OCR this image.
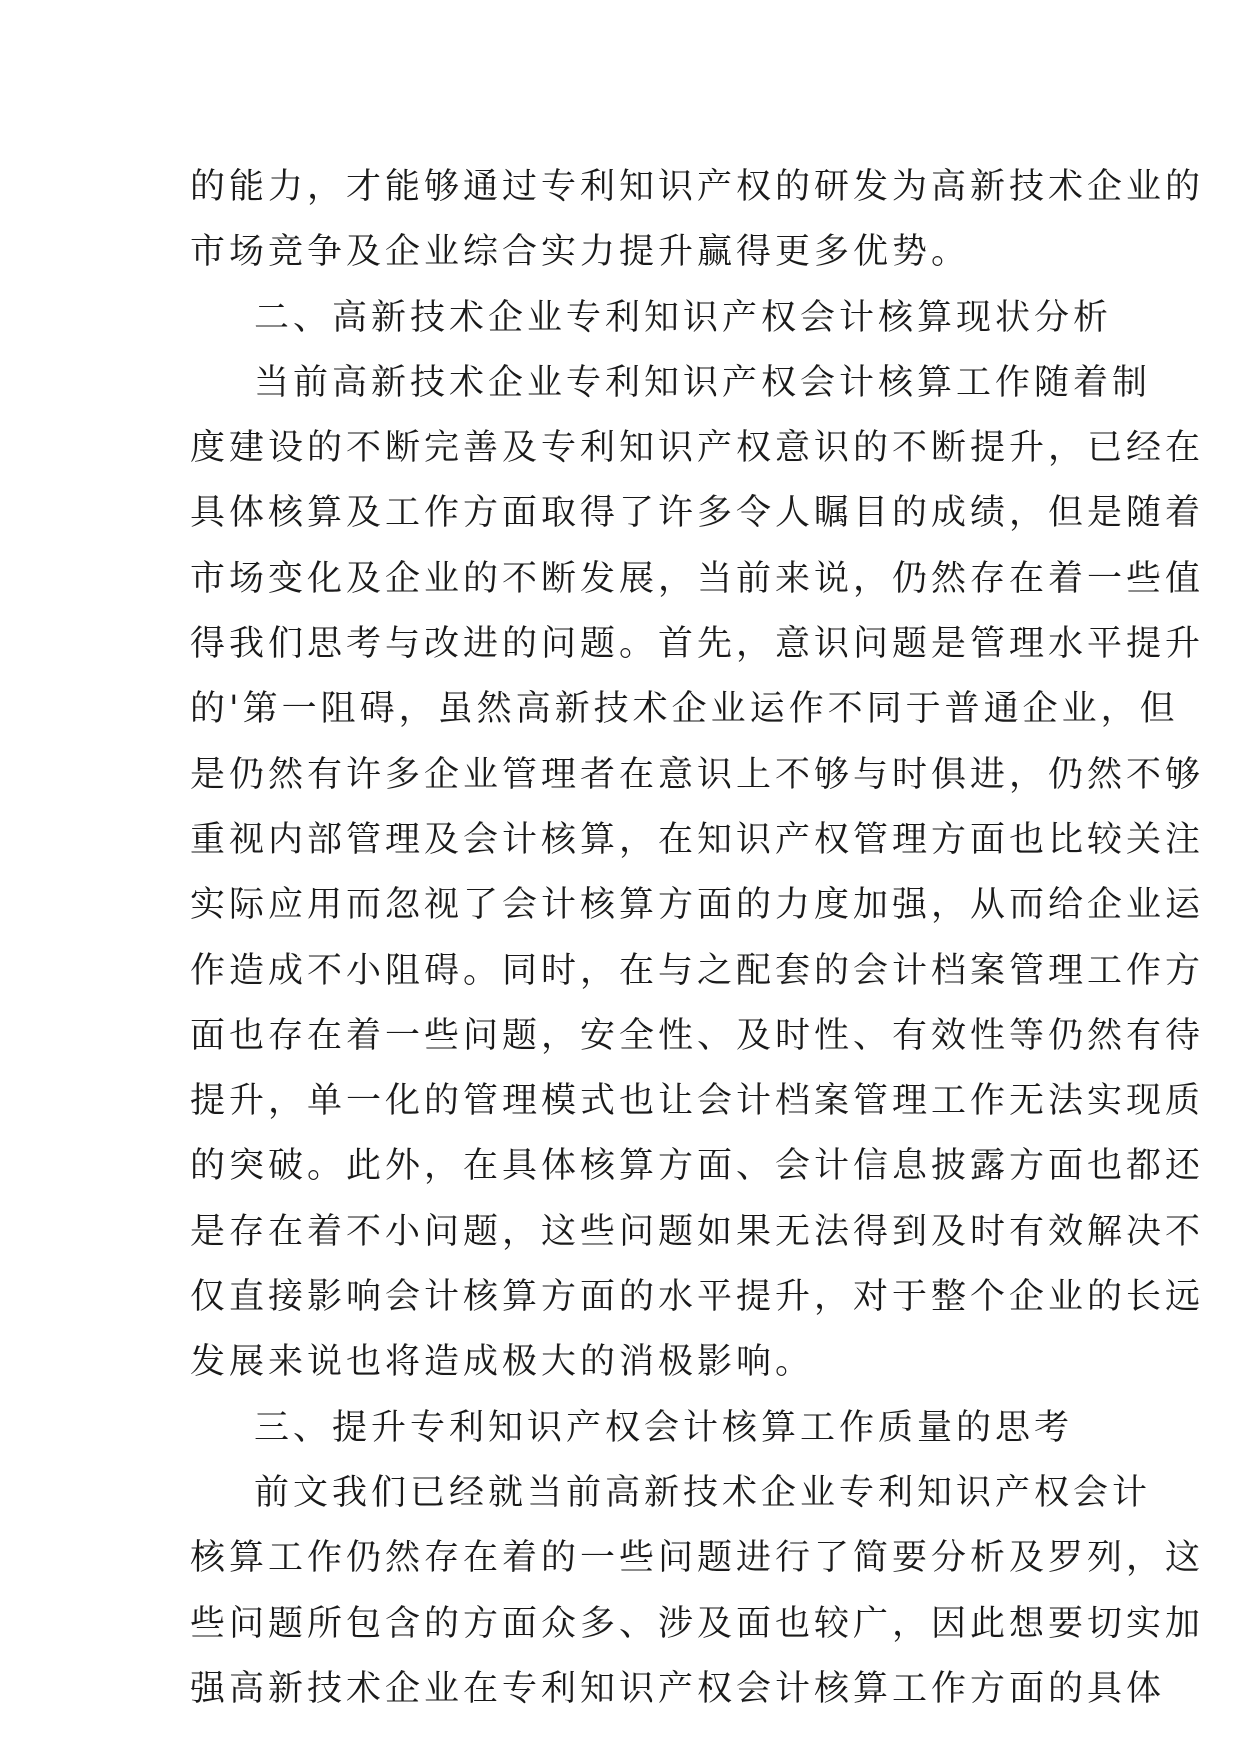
的能力，才能够通过专利知识产权的研发为高新技术企业的
市场竞争及企业综合实力提升赢得更多优势。
二、高新技术企业专利知识产权会计核算现状分析
当前高新技术企业专利知识产权会计核算工作随着制
度建设的不断完善及专利知识产权意识的不断提升，已经在
具体核算及工作方面取得了许多令人瞩目的成绩，但是随着
市场变化及企业的不断发展，当前来说，仍然存在着一些值
得我们思考与改进的问题。首先，意识问题是管理水平提升
的'第一阻碍，虽然高新技术企业运作不同于普通企业，但
是仍然有许多企业管理者在意识上不够与时俱进，仍然不够
重视内部管理及会计核算，在知识产权管理方面也比较关注
实际应用而忽视了会计核算方面的力度加强，从而给企业运
作造成不小阻碍。同时，在与之配套的会计档案管理工作方
面也存在着一些问题，安全性、及时性、有效性等仍然有待
提升，单一化的管理模式也让会计档案管理工作无法实现质
的突破。此外，在具体核算方面、会计信息披露方面也都还
是存在着不小问题，这些问题如果无法得到及时有效解决不
仅直接影响会计核算方面的水平提升，对于整个企业的长远
发展来说也将造成极大的消极影响。
三、提升专利知识产权会计核算工作质量的思考
前文我们已经就当前高新技术企业专利知识产权会计
核算工作仍然存在着的一些问题进行了简要分析及罗列，这
些问题所包含的方面众多、涉及面也较广，因此想要切实加
强高新技术企业在专利知识产权会计核算工作方面的具体
